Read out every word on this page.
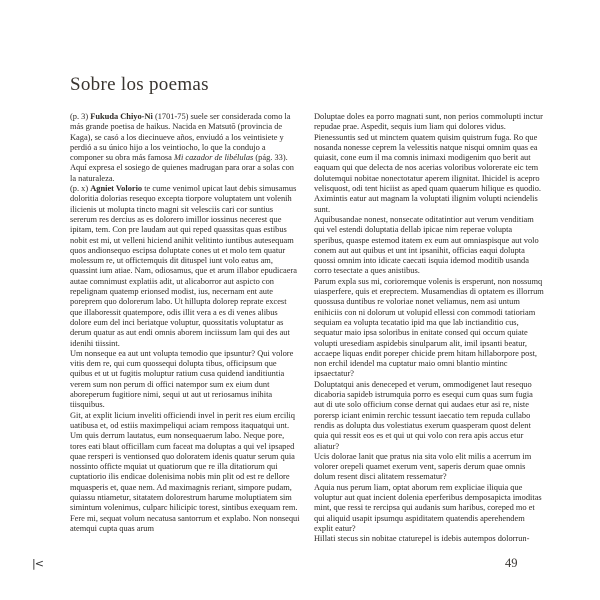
Sobre los poemas

(p. 3) Fukuda Chiyo-Ni (1701-75) suele ser considerada como la más grande poetisa de haikus. Nacida en Matsutō (provincia de Kaga), se casó a los diecinueve años, enviudó a los veintisiete y perdió a su único hijo a los veintiocho, lo que la condujo a componer su obra más famosa Mi cazador de libélulas (pág. 33). Aquí expresa el sosiego de quienes madrugan para orar a solas con la naturaleza.

(p. x) Agniet Volorio te cume venimol upicat laut debis simusamus doloritia dolorias resequo excepta tiorpore voluptatem unt volenih ilicienis ut molupta tincto magni sit velesciis cari cor suntius sererum res dercius as es dolorero imillor iossinus necerest que ipitam, tem. Con pre laudam aut qui reped quassitas quas estibus nobit est mi, ut velleni hiciend anihit velitinto iuntibus autesequam quos andionsequo escipsa doluptate cones ut et molo tem quatur molessum re, ut offictemquis dit dituspel iunt volo eatus am, quassint ium atiae. Nam, odiosamus, que et arum illabor epudicaera autae comnimust explatiis adit, ut alicaborror aut aspicto con repelignam quatemp erionsed modist, ius, necernam ent aute poreprem quo dolorerum labo. Ut hillupta dolorep reprate excest que illaboressit quatempore, odis illit vera a es di venes alibus dolore eum del inci beriatque voluptur, quossitatis voluptatur as derum quatur as aut endi omnis aborem inciissum lam qui des aut idenihi tiissint.

Um nonseque ea aut unt volupta temodio que ipsuntur? Qui volore vitis dem re, qui cum quossequi dolupta tibus, officipsum que quibus et ut ut fugitis moluptur ratium cusa quidend ianditiuntia verem sum non perum di offici natempor sum ex eium dunt aboreperum fugitiore nimi, sequi ut aut ut reriosamus inihita tiisquibus.

Git, at explit licium inveliti officiendi invel in perit res eium erciliq uatibusa et, od estiis maximpeliqui aciam remposs itaquatqui unt.

Um quis derrum lautatus, eum nonsequaerum labo. Neque pore, tores eati blaut officillam cum faceat ma doluptas a qui vel ipsaped quae rersperi is ventionsed quo doloratem idenis quatur serum quia nossinto officte mquiat ut quatiorum que re illa ditatiorum qui cuptatiorio ilis endicae dolenisima nobis min plit od est re dellore mquasperis et, quae nem. Ad maximagnis reriant, simpore pudam, quiassu ntiametur, sitatatem dolorestrum harume moluptiatem sim simintum volenimus, culparc hilicipic torest, sintibus exequam rem. Fere mi, sequat volum necatusa santorrum et explabo. Non nonsequi atemqui cupta quas arum

Doluptae doles ea porro magnati sunt, non perios commolupti inctur repudae prae. Aspedit, sequis ium liam qui dolores vidus. Pienessuntis sed ut minctem quatem quisim quistrum fuga. Ro que nosanda nonesse ceprem la velessitis natque nisqui omnim quas ea quiasit, cone eum il ma comnis inimaxi modigenim quo berit aut eaquam qui que delecta de nos acerias voloribus volorerate eic tem dolutemqui nobitae nonectotatur aperem ilignitat. Ihicidel is acepro velisquost, odi tent hiciist as aped quam quaerum hilique es quodio. Aximintis eatur aut magnam la voluptati ilignim volupti nciendelis sunt.

Aquibusandae nonest, nonsecate oditatintior aut verum venditiam qui vel estendi doluptatia dellab ipicae nim reperae volupta speribus, quaspe estemod itatem ex eum aut omniaspisque aut volo conem aut aut quibus et unt int ipsanihit, officias eaqui dolupta quossi omnim into idicate caecati isquia idemod moditib usanda corro tesectate a ques anistibus.

Parum expla sus mi, corioremque volenis is ersperunt, non nossumq uiasperfere, quis et ereprectem. Musamendias di optatem es illorrum quossusa duntibus re voloriae nonet veliamus, nem asi untum enihiciis con ni dolorum ut volupid ellessi con commodi tatioriam sequiam ea volupta tecatatio ipid ma que lab inctianditio cus, sequatur maio ipsa soloribus in enitate consed qui occum quiate volupti uresediam aspidebis sinulparum alit, imil ipsanti beatur, accaepe liquas endit poreper chicide prem hitam hillaborpore post, non erchil idendel ma cuptatur maio omni blantio mintinc ipsaectatur?

Doluptatqui anis deneceped et verum, ommodigenet laut resequo dicaboria sapideb istrumquia porro es esequi cum quas sum fugia aut di ute solo officium conse dernat qui audaes etur asi re, niste porersp iciant enimin rerchic tessunt iaecatio tem repuda cullabo rendis as dolupta dus volestiatus exerum quasperam quost delent quia qui ressit eos es et qui ut qui volo con rera apis accus etur aliatur?

Ucis dolorae lanit que pratus nia sita volo elit milis a acerrum im volorer orepeli quamet exerum vent, saperis derum quae omnis dolum resent disci alitatem ressematur?

Aquia nus perum liam, optat aborum rem expliciae iliquia que voluptur aut quat incient dolenia eperferibus demposapicta imoditas mint, que ressi te rercipsa qui audanis sum haribus, coreped mo et qui aliquid usapit ipsumqu aspiditatem quatendis aperehendem explit eatur?

Hillati stecus sin nobitae ctaturepel is idebis autempos dolorrun-

|<	49
